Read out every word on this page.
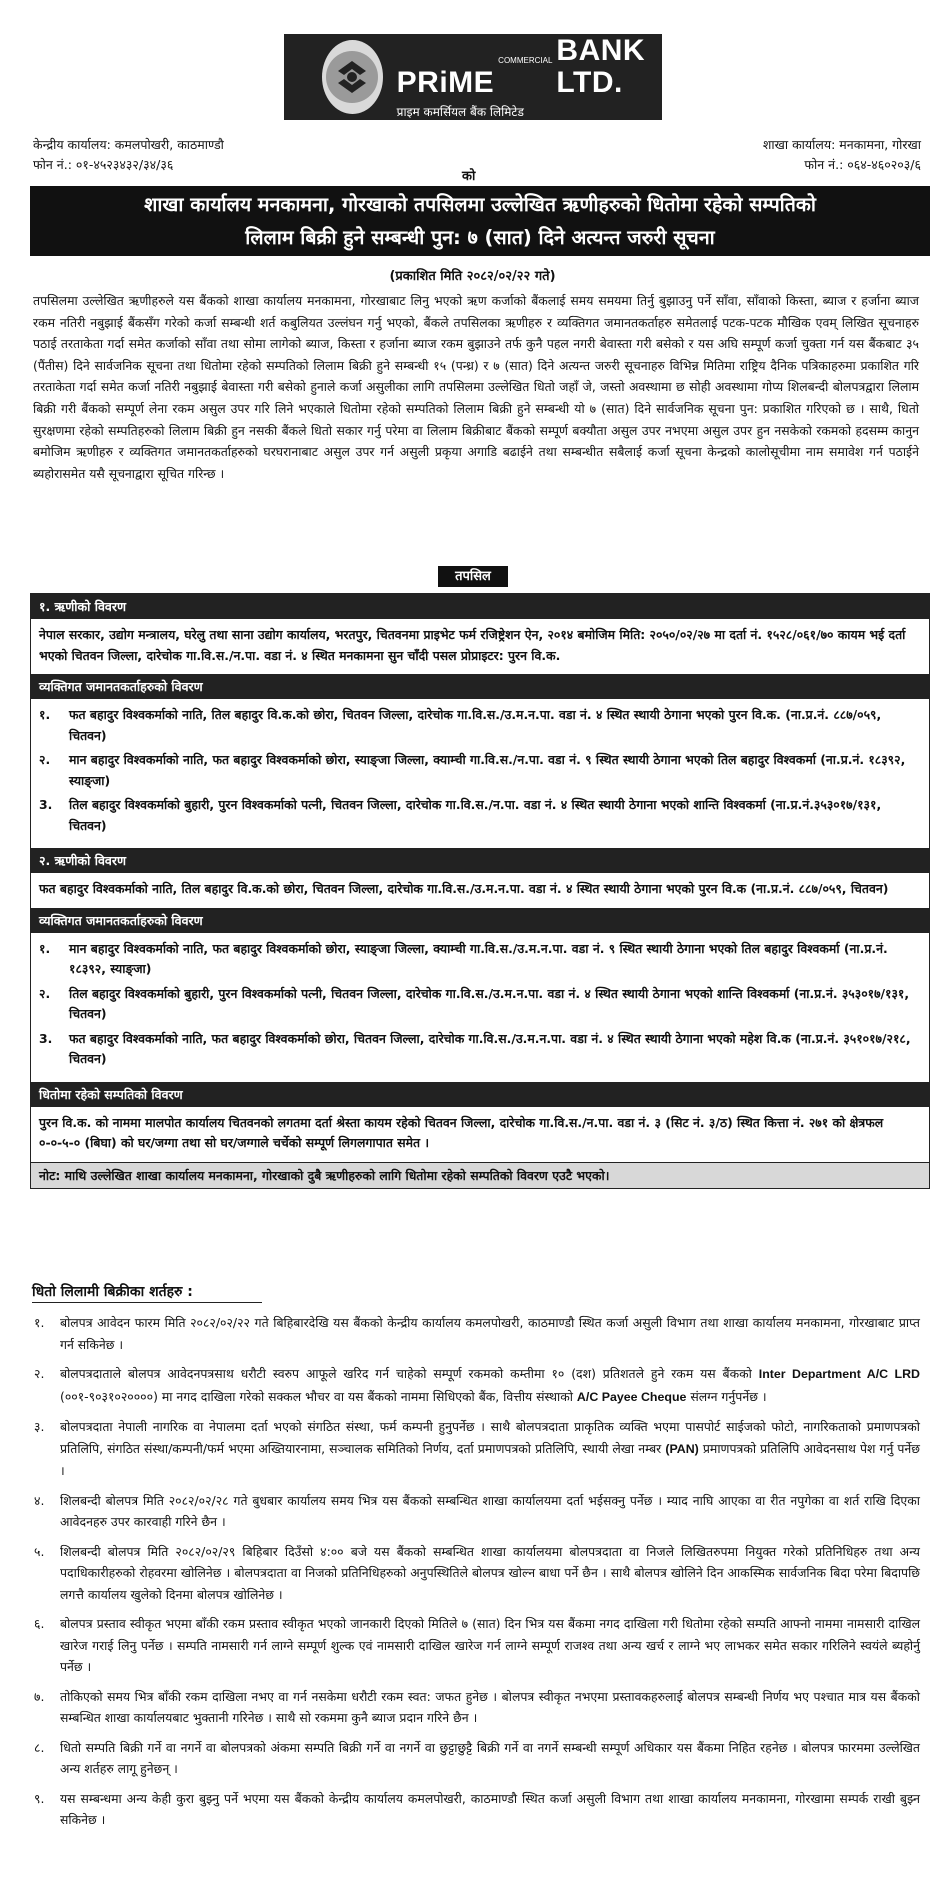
PRiME
COMMERCIAL BANK LTD.
प्राइम कमर्सियल बैंक लिमिटेड
केन्द्रीय कार्यालय: कमलपोखरी, काठमाण्डौ
फोन नं.: ०१-४५२३४३२/३४/३६
शाखा कार्यालय: मनकामना, गोरखा
फोन नं.: ०६४-४६०२०३/६
को
शाखा कार्यालय मनकामना, गोरखाको तपसिलमा उल्लेखित ऋणीहरुको धितोमा रहेको सम्पतिको
लिलाम बिक्री हुने सम्बन्धी पुन: ७ (सात) दिने अत्यन्त जरुरी सूचना
(प्रकाशित मिति २०८२/०२/२२ गते)
तपसिलमा उल्लेखित ऋणीहरुले यस बैंकको शाखा कार्यालय मनकामना, गोरखाबाट लिनु भएको ऋण कर्जाको बैंकलाई समय समयमा तिर्नु बुझाउनु पर्ने साँवा, साँवाको किस्ता, ब्याज र हर्जाना ब्याज रकम नतिरी नबुझाई बैंकसँग गरेको कर्जा सम्बन्धी शर्त कबुलियत उल्लंघन गर्नु भएको, बैंकले तपसिलका ऋणीहरु र व्यक्तिगत जमानतकर्ताहरु समेतलाई पटक-पटक मौखिक एवम् लिखित सूचनाहरु पठाई तरताकेता गर्दा समेत कर्जाको साँवा तथा सोमा लागेको ब्याज, किस्ता र हर्जाना ब्याज रकम बुझाउने तर्फ कुनै पहल नगरी बेवास्ता गरी बसेको र यस अघि सम्पूर्ण कर्जा चुक्ता गर्न यस बैंकबाट ३५ (पैंतीस) दिने सार्वजनिक सूचना तथा धितोमा रहेको सम्पतिको लिलाम बिक्री हुने सम्बन्धी १५ (पन्ध्र) र ७ (सात) दिने अत्यन्त जरुरी सूचनाहरु विभिन्न मितिमा राष्ट्रिय दैनिक पत्रिकाहरुमा प्रकाशित गरि तरताकेता गर्दा समेत कर्जा नतिरी नबुझाई बेवास्ता गरी बसेको हुनाले कर्जा असुलीका लागि तपसिलमा उल्लेखित धितो जहाँ जे, जस्तो अवस्थामा छ सोही अवस्थामा गोप्य शिलबन्दी बोलपत्रद्वारा लिलाम बिक्री गरी बैंकको सम्पूर्ण लेना रकम असुल उपर गरि लिने भएकाले धितोमा रहेको सम्पतिको लिलाम बिक्री हुने सम्बन्धी यो ७ (सात) दिने सार्वजनिक सूचना पुन: प्रकाशित गरिएको छ । साथै, धितो सुरक्षणमा रहेको सम्पतिहरुको लिलाम बिक्री हुन नसकी बैंकले धितो सकार गर्नु परेमा वा लिलाम बिक्रीबाट बैंकको सम्पूर्ण बक्यौता असुल उपर नभएमा असुल उपर हुन नसकेको रकमको हदसम्म कानुन बमोजिम ऋणीहरु र व्यक्तिगत जमानतकर्ताहरुको घरघरानाबाट असुल उपर गर्न असुली प्रकृया अगाडि बढाईने तथा सम्बन्धीत सबैलाई कर्जा सूचना केन्द्रको कालोसूचीमा नाम समावेश गर्न पठाईने ब्यहोरासमेत यसै सूचनाद्वारा सूचित गरिन्छ ।
तपसिल
१. ऋणीको विवरण
नेपाल सरकार, उद्योग मन्त्रालय, घरेलु तथा साना उद्योग कार्यालय, भरतपुर, चितवनमा प्राइभेट फर्म रजिष्ट्रेशन ऐन, २०१४ बमोजिम मिति: २०५०/०२/२७ मा दर्ता नं. १५२८/०६१/७० कायम भई दर्ता भएको चितवन जिल्ला, दारेचोक गा.वि.स./न.पा. वडा नं. ४ स्थित मनकामना सुन चाँदी पसल प्रोप्राइटर: पुरन वि.क.
व्यक्तिगत जमानतकर्ताहरुको विवरण
१.	फत बहादुर विश्वकर्माको नाति, तिल बहादुर वि.क.को छोरा, चितवन जिल्ला, दारेचोक गा.वि.स./उ.म.न.पा. वडा नं. ४ स्थित स्थायी ठेगाना भएको पुरन वि.क. (ना.प्र.नं. ८८७/०५९, चितवन)
२.	मान बहादुर विश्वकर्माको नाति, फत बहादुर विश्वकर्माको छोरा, स्याङ्जा जिल्ला, क्याम्ची गा.वि.स./न.पा. वडा नं. ९ स्थित स्थायी ठेगाना भएको तिल बहादुर विश्वकर्मा (ना.प्र.नं. १८३९२, स्याङ्जा)
3.	तिल बहादुर विश्वकर्माको बुहारी, पुरन विश्वकर्माको पत्नी, चितवन जिल्ला, दारेचोक गा.वि.स./न.पा. वडा नं. ४ स्थित स्थायी ठेगाना भएको शान्ति विश्वकर्मा (ना.प्र.नं.३५३०१७/१३१, चितवन)
२. ऋणीको विवरण
फत बहादुर विश्वकर्माको नाति, तिल बहादुर वि.क.को छोरा, चितवन जिल्ला, दारेचोक गा.वि.स./उ.म.न.पा. वडा नं. ४ स्थित स्थायी ठेगाना भएको पुरन वि.क (ना.प्र.नं. ८८७/०५९, चितवन)
व्यक्तिगत जमानतकर्ताहरुको विवरण
१.	मान बहादुर विश्वकर्माको नाति, फत बहादुर विश्वकर्माको छोरा, स्याङ्जा जिल्ला, क्याम्ची गा.वि.स./उ.म.न.पा. वडा नं. ९ स्थित स्थायी ठेगाना भएको तिल बहादुर विश्वकर्मा (ना.प्र.नं. १८३९२, स्याङ्जा)
२.	तिल बहादुर विश्वकर्माको बुहारी, पुरन विश्वकर्माको पत्नी, चितवन जिल्ला, दारेचोक गा.वि.स./उ.म.न.पा. वडा नं. ४ स्थित स्थायी ठेगाना भएको शान्ति विश्वकर्मा (ना.प्र.नं. ३५३०१७/१३१, चितवन)
3.	फत बहादुर विश्वकर्माको नाति, फत बहादुर विश्वकर्माको छोरा, चितवन जिल्ला, दारेचोक गा.वि.स./उ.म.न.पा. वडा नं. ४ स्थित स्थायी ठेगाना भएको महेश वि.क (ना.प्र.नं. ३५१०१७/२१८, चितवन)
धितोमा रहेको सम्पतिको विवरण
पुरन वि.क. को नाममा मालपोत कार्यालय चितवनको लगतमा दर्ता श्रेस्ता कायम रहेको चितवन जिल्ला, दारेचोक गा.वि.स./न.पा. वडा नं. ३ (सिट नं. ३/ठ) स्थित कित्ता नं. २७१ को क्षेत्रफल ०-०-५-० (बिघा) को घर/जग्गा तथा सो घर/जग्गाले चर्चेको सम्पूर्ण लिगलगापात समेत ।
नोट: माथि उल्लेखित शाखा कार्यालय मनकामना, गोरखाको दुबै ऋणीहरुको लागि धितोमा रहेको सम्पतिको विवरण एउटै भएको।
धितो लिलामी बिक्रीका शर्तहरु :
१.	बोलपत्र आवेदन फारम मिति २०८२/०२/२२ गते बिहिबारदेखि यस बैंकको केन्द्रीय कार्यालय कमलपोखरी, काठमाण्डौ स्थित कर्जा असुली विभाग तथा शाखा कार्यालय मनकामना, गोरखाबाट प्राप्त गर्न सकिनेछ ।
२.	बोलपत्रदाताले बोलपत्र आवेदनपत्रसाथ धरौटी स्वरुप आफूले खरिद गर्न चाहेको सम्पूर्ण रकमको कम्तीमा १० (दश) प्रतिशतले हुने रकम यस बैंकको Inter Department A/C LRD (००१-९०३१०२००००) मा नगद दाखिला गरेको सक्कल भौचर वा यस बैंकको नाममा सिधिएको बैंक, वित्तीय संस्थाको A/C Payee Cheque संलग्न गर्नुपर्नेछ ।
३.	बोलपत्रदाता नेपाली नागरिक वा नेपालमा दर्ता भएको संगठित संस्था, फर्म कम्पनी हुनुपर्नेछ । साथै बोलपत्रदाता प्राकृतिक व्यक्ति भएमा पासपोर्ट साईजको फोटो, नागरिकताको प्रमाणपत्रको प्रतिलिपि, संगठित संस्था/कम्पनी/फर्म भएमा अख्तियारनामा, सञ्चालक समितिको निर्णय, दर्ता प्रमाणपत्रको प्रतिलिपि, स्थायी लेखा नम्बर (PAN) प्रमाणपत्रको प्रतिलिपि आवेदनसाथ पेश गर्नु पर्नेछ ।
४.	शिलबन्दी बोलपत्र मिति २०८२/०२/२८ गते बुधबार कार्यालय समय भित्र यस बैंकको सम्बन्धित शाखा कार्यालयमा दर्ता भईसक्नु पर्नेछ । म्याद नाघि आएका वा रीत नपुगेका वा शर्त राखि दिएका आवेदनहरु उपर कारवाही गरिने छैन ।
५.	शिलबन्दी बोलपत्र मिति २०८२/०२/२९ बिहिबार दिउँसो ४:०० बजे यस बैंकको सम्बन्धित शाखा कार्यालयमा बोलपत्रदाता वा निजले लिखितरुपमा नियुक्त गरेको प्रतिनिधिहरु तथा अन्य पदाधिकारीहरुको रोहवरमा खोलिनेछ । बोलपत्रदाता वा निजको प्रतिनिधिहरुको अनुपस्थितिले बोलपत्र खोल्न बाधा पर्ने छैन । साथै बोलपत्र खोलिने दिन आकस्मिक सार्वजनिक बिदा परेमा बिदापछि लगत्तै कार्यालय खुलेको दिनमा बोलपत्र खोलिनेछ ।
६.	बोलपत्र प्रस्ताव स्वीकृत भएमा बाँकी रकम प्रस्ताव स्वीकृत भएको जानकारी दिएको मितिले ७ (सात) दिन भित्र यस बैंकमा नगद दाखिला गरी धितोमा रहेको सम्पति आफ्नो नाममा नामसारी दाखिल खारेज गराई लिनु पर्नेछ । सम्पति नामसारी गर्न लाग्ने सम्पूर्ण शुल्क एवं नामसारी दाखिल खारेज गर्न लाग्ने सम्पूर्ण राजश्व तथा अन्य खर्च र लाग्ने भए लाभकर समेत सकार गरिलिने स्वयंले ब्यहोर्नु पर्नेछ ।
७.	तोकिएको समय भित्र बाँकी रकम दाखिला नभए वा गर्न नसकेमा धरौटी रकम स्वत: जफत हुनेछ । बोलपत्र स्वीकृत नभएमा प्रस्तावकहरुलाई बोलपत्र सम्बन्धी निर्णय भए पश्चात मात्र यस बैंकको सम्बन्धित शाखा कार्यालयबाट भुक्तानी गरिनेछ । साथै सो रकममा कुनै ब्याज प्रदान गरिने छैन ।
८.	धितो सम्पति बिक्री गर्ने वा नगर्ने वा बोलपत्रको अंकमा सम्पति बिक्री गर्ने वा नगर्ने वा छुट्टाछुट्टै बिक्री गर्ने वा नगर्ने सम्बन्धी सम्पूर्ण अधिकार यस बैंकमा निहित रहनेछ । बोलपत्र फारममा उल्लेखित अन्य शर्तहरु लागू हुनेछन् ।
९.	यस सम्बन्धमा अन्य केही कुरा बुझ्नु पर्ने भएमा यस बैंकको केन्द्रीय कार्यालय कमलपोखरी, काठमाण्डौ स्थित कर्जा असुली विभाग तथा शाखा कार्यालय मनकामना, गोरखामा सम्पर्क राखी बुझ्न सकिनेछ ।
